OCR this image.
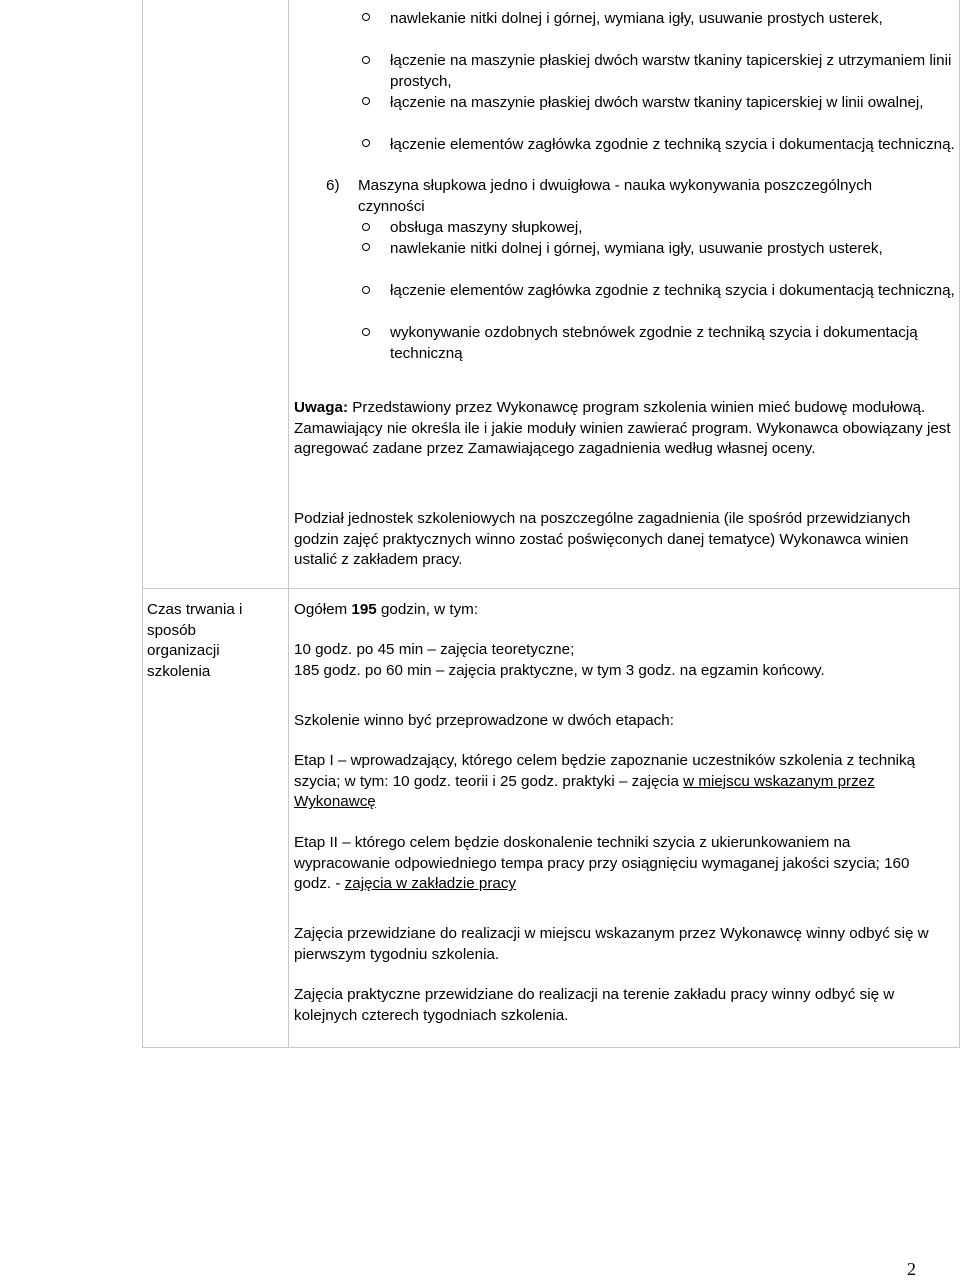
nawlekanie nitki dolnej i górnej, wymiana igły, usuwanie prostych usterek,
łączenie na maszynie płaskiej dwóch warstw tkaniny tapicerskiej z utrzymaniem linii prostych,
łączenie na maszynie płaskiej dwóch warstw tkaniny tapicerskiej w linii owalnej,
łączenie elementów zagłówka zgodnie z techniką szycia i dokumentacją techniczną.
6) Maszyna słupkowa jedno i dwuigłowa - nauka wykonywania poszczególnych
czynności
obsługa maszyny słupkowej,
nawlekanie nitki dolnej i górnej, wymiana igły, usuwanie prostych usterek,
łączenie elementów zagłówka zgodnie z techniką szycia i dokumentacją techniczną,
wykonywanie ozdobnych stebnówek zgodnie z techniką szycia i dokumentacją techniczną
Uwaga: Przedstawiony przez Wykonawcę program szkolenia winien mieć budowę modułową. Zamawiający nie określa ile i jakie moduły winien zawierać program. Wykonawca obowiązany jest agregować zadane przez Zamawiającego zagadnienia według własnej oceny.
Podział jednostek szkoleniowych na poszczególne zagadnienia (ile spośród przewidzianych godzin zajęć praktycznych winno zostać poświęconych danej tematyce) Wykonawca winien ustalić z zakładem pracy.
Czas trwania i sposób organizacji szkolenia
Ogółem 195 godzin, w tym:
10 godz. po 45 min – zajęcia teoretyczne;
185 godz. po 60 min – zajęcia praktyczne, w tym 3 godz. na egzamin końcowy.
Szkolenie winno być przeprowadzone w dwóch etapach:
Etap I – wprowadzający, którego celem będzie zapoznanie uczestników szkolenia z techniką szycia; w tym: 10 godz. teorii i 25 godz. praktyki – zajęcia w miejscu wskazanym przez Wykonawcę
Etap II – którego celem będzie doskonalenie techniki szycia z ukierunkowaniem na wypracowanie odpowiedniego tempa pracy przy osiągnięciu wymaganej jakości szycia; 160 godz. - zajęcia w zakładzie pracy
Zajęcia przewidziane do realizacji w miejscu wskazanym przez Wykonawcę winny odbyć się w pierwszym tygodniu szkolenia.
Zajęcia praktyczne przewidziane do realizacji na terenie zakładu pracy winny odbyć się w kolejnych czterech tygodniach szkolenia.
2
